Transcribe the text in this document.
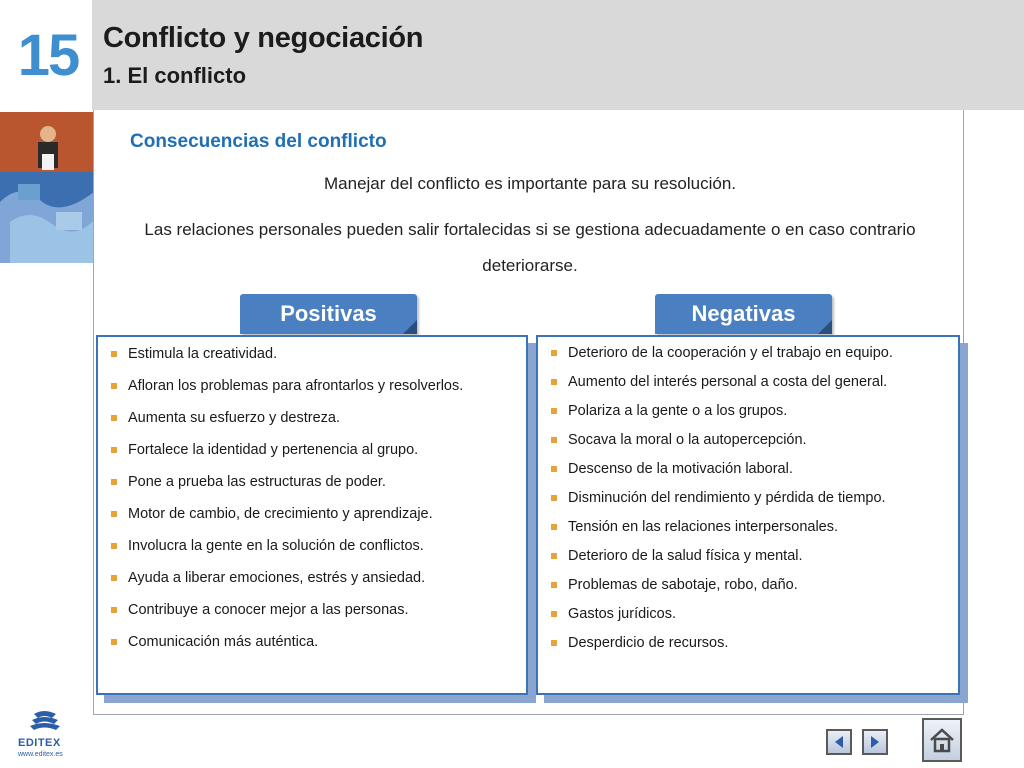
15 Conflicto y negociación
1. El conflicto
Consecuencias del conflicto
Manejar del conflicto es importante para su resolución.
Las relaciones personales pueden salir fortalecidas si se gestiona adecuadamente o en caso contrario deteriorarse.
Positivas	Negativas
Estimula la creatividad.
Afloran los problemas para afrontarlos y resolverlos.
Aumenta su esfuerzo y destreza.
Fortalece la identidad y pertenencia al grupo.
Pone a prueba las estructuras de poder.
Motor de cambio, de crecimiento y aprendizaje.
Involucra la gente en la solución de conflictos.
Ayuda a liberar emociones, estrés y ansiedad.
Contribuye a conocer mejor a las personas.
Comunicación más auténtica.
Deterioro de la cooperación y el trabajo en equipo.
Aumento del interés personal a costa del general.
Polariza a la gente o a los grupos.
Socava la moral o la autopercepción.
Descenso de la motivación laboral.
Disminución del rendimiento y pérdida de tiempo.
Tensión en las relaciones interpersonales.
Deterioro de la salud física y mental.
Problemas de sabotaje, robo, daño.
Gastos jurídicos.
Desperdicio de recursos.
EDITEX
www.editex.es
